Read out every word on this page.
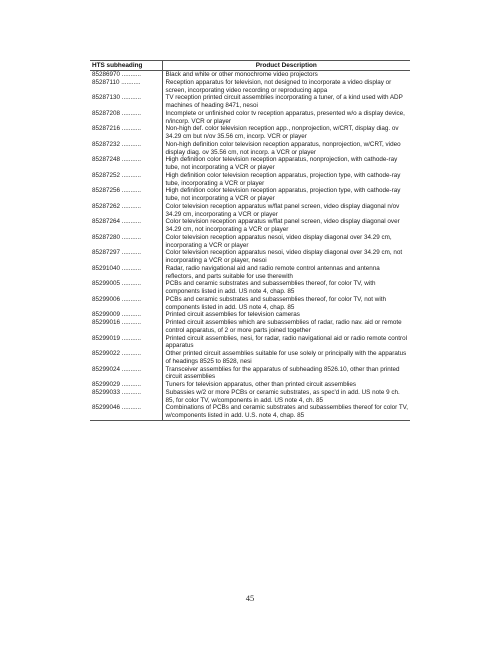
HTS subheading	Product Description
85286970 ...........	Black and white or other monochrome video projectors
85287110 ...........	Reception apparatus for television, not designed to incorporate a video display or screen, incorporating video recording or reproducing appa
85287130 ...........	TV reception printed circuit assemblies incorporating a tuner, of a kind used with ADP machines of heading 8471, nesoi
85287208 ...........	Incomplete or unfinished color tv reception apparatus, presented w/o a display device, n/incorp. VCR or player
85287216 ...........	Non-high def. color television reception app., nonprojection, w/CRT, display diag. ov 34.29 cm but n/ov 35.56 cm, incorp. VCR or player
85287232 ...........	Non-high definition color television reception apparatus, nonprojection, w/CRT, video display diag. ov 35.56 cm, not incorp. a VCR or player
85287248 ...........	High definition color television reception apparatus, nonprojection, with cathode-ray tube, not incorporating a VCR or player
85287252 ...........	High definition color television reception apparatus, projection type, with cathode-ray tube, incorporating a VCR or player
85287256 ...........	High definition color television reception apparatus, projection type, with cathode-ray tube, not incorporating a VCR or player
85287262 ...........	Color television reception apparatus w/flat panel screen, video display diagonal n/ov 34.29 cm, incorporating a VCR or player
85287264 ...........	Color television reception apparatus w/flat panel screen, video display diagonal over 34.29 cm, not incorporating a VCR or player
85287280 ...........	Color television reception apparatus nesoi, video display diagonal over 34.29 cm, incorporating a VCR or player
85287297 ...........	Color television reception apparatus nesoi, video display diagonal over 34.29 cm, not incorporating a VCR or player, nesoi
85291040 ...........	Radar, radio navigational aid and radio remote control antennas and antenna reflectors, and parts suitable for use therewith
85299005 ...........	PCBs and ceramic substrates and subassemblies thereof, for color TV, with components listed in add. US note 4, chap. 85
85299006 ...........	PCBs and ceramic substrates and subassemblies thereof, for color TV, not with components listed in add. US note 4, chap. 85
85299009 ...........	Printed circuit assemblies for television cameras
85299016 ...........	Printed circuit assemblies which are subassemblies of radar, radio nav. aid or remote control apparatus, of 2 or more parts joined together
85299019 ...........	Printed circuit assemblies, nesi, for radar, radio navigational aid or radio remote control apparatus
85299022 ...........	Other printed circuit assemblies suitable for use solely or principally with the apparatus of headings 8525 to 8528, nesi
85299024 ...........	Transceiver assemblies for the apparatus of subheading 8526.10, other than printed circuit assemblies
85299029 ...........	Tuners for television apparatus, other than printed circuit assemblies
85299033 ...........	Subassies w/2 or more PCBs or ceramic substrates, as spec'd in add. US note 9 ch. 85, for color TV, w/components in add. US note 4, ch. 85
85299046 ...........	Combinations of PCBs and ceramic substrates and subassemblies thereof for color TV, w/components listed in add. U.S. note 4, chap. 85
45
